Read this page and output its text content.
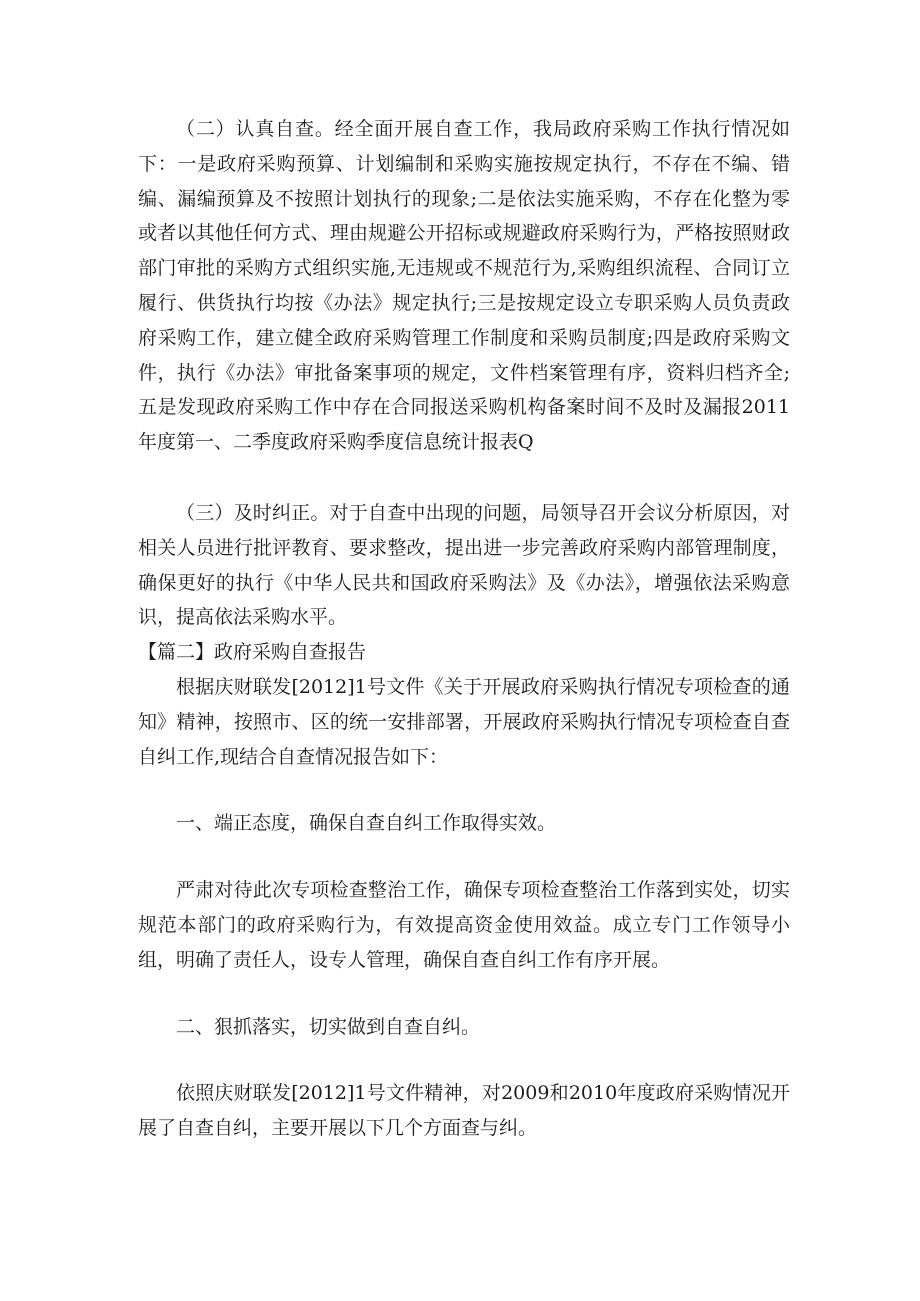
（二）认真自查。经全面开展自查工作，我局政府采购工作执行情况如下：一是政府采购预算、计划编制和采购实施按规定执行，不存在不编、错编、漏编预算及不按照计划执行的现象;二是依法实施采购，不存在化整为零或者以其他任何方式、理由规避公开招标或规避政府采购行为，严格按照财政部门审批的采购方式组织实施,无违规或不规范行为,采购组织流程、合同订立履行、供货执行均按《办法》规定执行;三是按规定设立专职采购人员负责政府采购工作，建立健全政府采购管理工作制度和采购员制度;四是政府采购文件，执行《办法》审批备案事项的规定，文件档案管理有序，资料归档齐全;五是发现政府采购工作中存在合同报送采购机构备案时间不及时及漏报2011年度第一、二季度政府采购季度信息统计报表Q

（三）及时纠正。对于自查中出现的问题，局领导召开会议分析原因，对相关人员进行批评教育、要求整改，提出进一步完善政府采购内部管理制度，确保更好的执行《中华人民共和国政府采购法》及《办法》，增强依法采购意识，提高依法采购水平。

【篇二】政府采购自查报告

根据庆财联发[2012]1号文件《关于开展政府采购执行情况专项检查的通知》精神，按照市、区的统一安排部署，开展政府采购执行情况专项检查自查自纠工作,现结合自查情况报告如下：

一、端正态度，确保自查自纠工作取得实效。

严肃对待此次专项检查整治工作，确保专项检查整治工作落到实处，切实规范本部门的政府采购行为，有效提高资金使用效益。成立专门工作领导小组，明确了责任人，设专人管理，确保自查自纠工作有序开展。

二、狠抓落实，切实做到自查自纠。

依照庆财联发[2012]1号文件精神，对2009和2010年度政府采购情况开展了自查自纠，主要开展以下几个方面查与纠。
